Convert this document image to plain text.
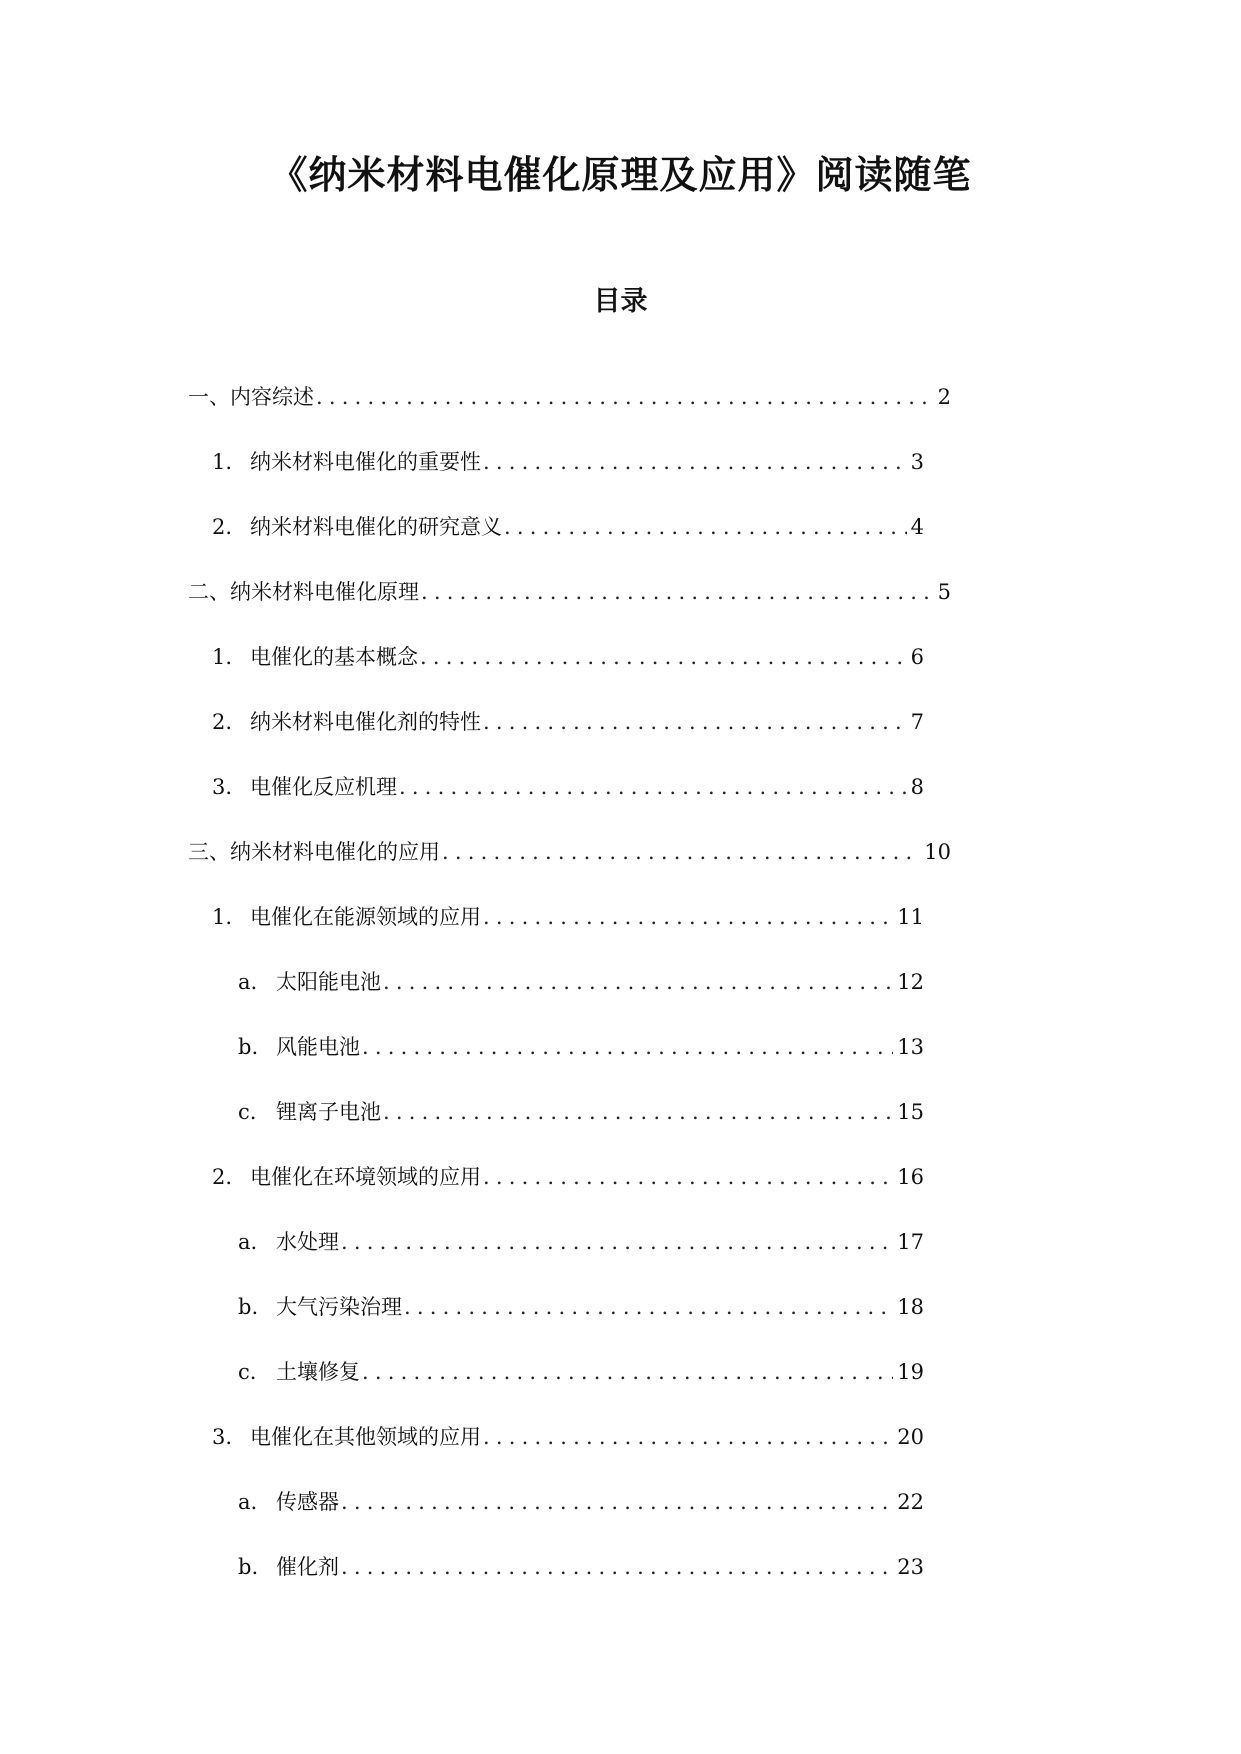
《纳米材料电催化原理及应用》阅读随笔
目录
一、内容综述 .....	2
1. 纳米材料电催化的重要性 .....	3
2. 纳米材料电催化的研究意义 .....	4
二、纳米材料电催化原理 .....	5
1. 电催化的基本概念 .....	6
2. 纳米材料电催化剂的特性 .....	7
3. 电催化反应机理 .....	8
三、纳米材料电催化的应用 .....	10
1. 电催化在能源领域的应用 .....	11
a. 太阳能电池 .....	12
b. 风能电池 .....	13
c. 锂离子电池 .....	15
2. 电催化在环境领域的应用 .....	16
a. 水处理 .....	17
b. 大气污染治理 .....	18
c. 土壤修复 .....	19
3. 电催化在其他领域的应用 .....	20
a. 传感器 .....	22
b. 催化剂 .....	23
